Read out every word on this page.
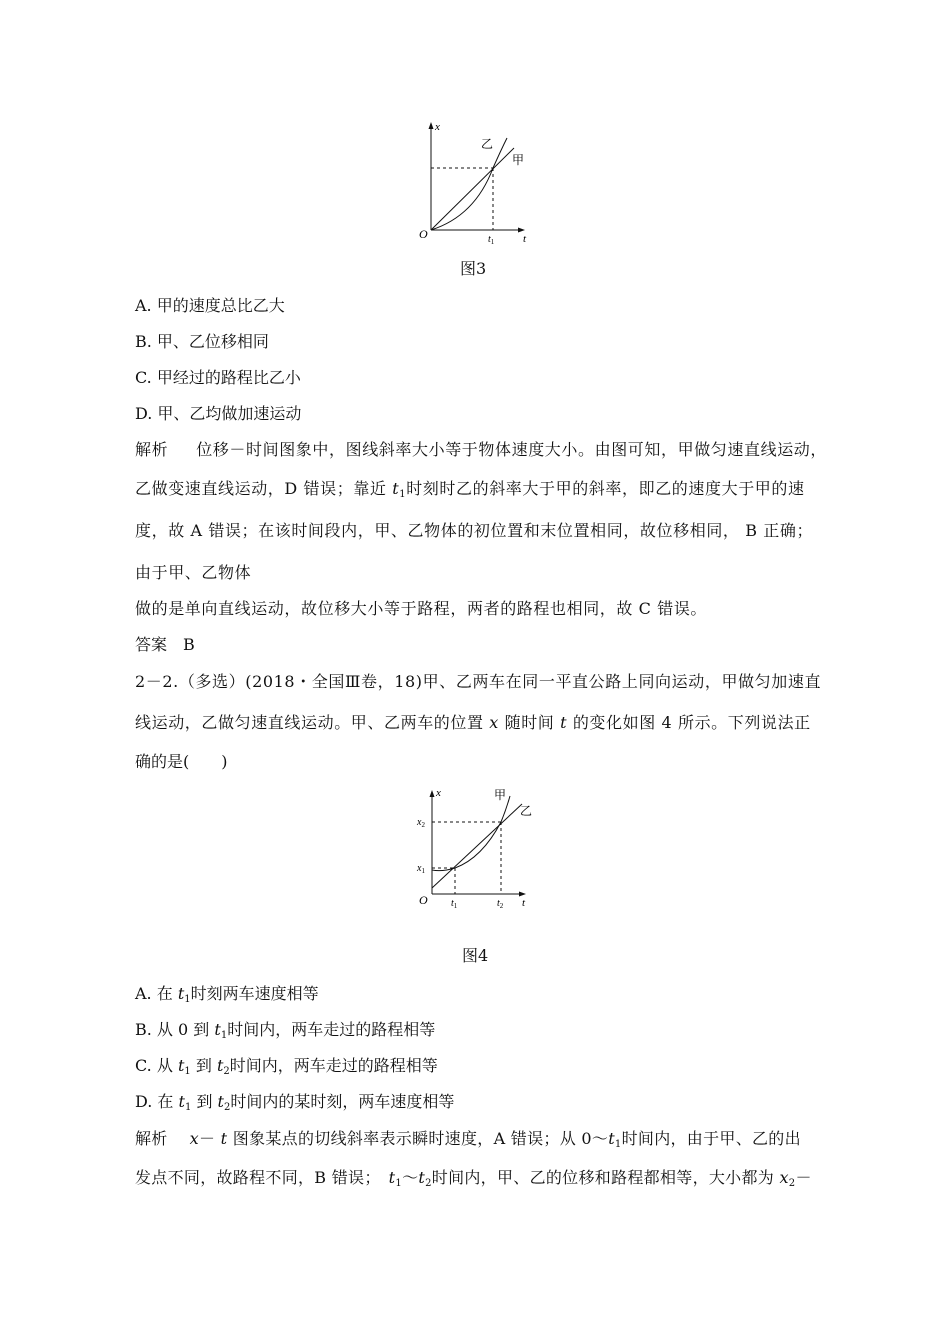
x
t
O	$t_1$
乙
甲
图3
A. 甲的速度总比乙大
B. 甲、乙位移相同
C. 甲经过的路程比乙小
D. 甲、乙均做加速运动
解析 位移－时间图象中，图线斜率大小等于物体速度大小。由图可知，甲做匀速直线运动，
乙做变速直线运动，D 错误；靠近 $t_1$时刻时乙的斜率大于甲的斜率，即乙的速度大于甲的速
度，故 A 错误；在该时间段内，甲、乙物体的初位置和末位置相同，故位移相同， B 正确；
由于甲、乙物体
做的是单向直线运动，故位移大小等于路程，两者的路程也相同，故 C 错误。
答案　B
2－2.（多选）(2018・全国Ⅲ卷，18)甲、乙两车在同一平直公路上同向运动，甲做匀加速直
线运动，乙做匀速直线运动。甲、乙两车的位置 x 随时间 t 的变化如图 4 所示。下列说法正
确的是(　　)
x
t
O
$x_2$
$x_1$
$t_1$	$t_2$
甲
乙
图4
A. 在 $t_1$时刻两车速度相等
B. 从 0 到 $t_1$时间内，两车走过的路程相等
C. 从 $t_1$ 到 $t_2$时间内，两车走过的路程相等
D. 在 $t_1$ 到 $t_2$时间内的某时刻，两车速度相等
解析 x－ t 图象某点的切线斜率表示瞬时速度，A 错误；从 $0\sim t_1$时间内，由于甲、乙的出
发点不同，故路程不同，B 错误； $t_1\sim t_2$时间内，甲、乙的位移和路程都相等，大小都为 $x_2-$
